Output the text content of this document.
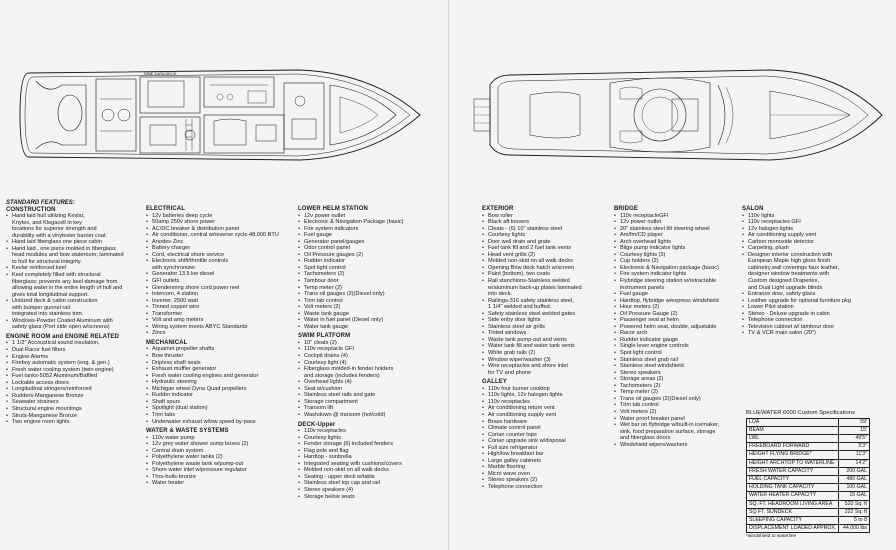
SINE DATA DECK
STANDARD FEATURES:
CONSTRUCTION
• Hand laid hull utilizing Kevlar,
Knytex, and Klegacell in key
locations for superior strength and
durability with a vinylester barrier coat.
• Hand laid fiberglass one piece cabin
• Hand laid , one piece molded in fiberglass
head modules and bow stateroom; laminated
to hull for structural integrity.
• Kevlar reinforced keel
• Keel completely filled with structural
fiberglass; prevents any keel damage from
allowing water in the entire length of hull and
gives total longitudinal support.
• Unitized deck & cabin construction
with bumper gunnel rail
integrated into stainless trim.
• Windows-Powder Coated Aluminum with
safety glass (Port side open w/screens)
ENGINE ROOM and ENGINE RELATED
• 1 1/2" Accoustical sound insulation,
• Dual Racor fuel filters
• Engine Alarms
• Fireboy automatic system (eng. & gen.)
• Fresh water cooling system (twin engine)
• Fuel tanks-5052 Aluminum/Baffled
• Lockable access doors
• Longitudinal stringers/reinforced
• Rudders-Manganese Bronze
• Seawater strainers
• Structural engine mountings
• Struts-Manganese Bronze
• Two engine room lights
ELECTRICAL
• 12v batteries deep cycle
• 50amp 250v shore power
• AC/DC breaker & distribution panel
• Air conditioner, central w/reverse cycle 48,000 BTU
• Anodes-Zinc
• Battery charger
• Cord, electrical shore service
• Electronic shift/throttle controls
with synchronizer
• Generator 13.5 kw diesel
• GFI outlets
• Glendenning shore cord power reel
• Intercom, 4 station
• Inverter, 2500 watt
• Tinned copper wire
• Transformer
• Volt and amp meters
• Wiring system meets ABYC Standards
• Zincs
MECHANICAL
• Aquamet propeller shafts
• Bow thruster
• Dripless shaft seals
• Exhaust muffler generator
• Fresh water cooling engines and generator
• Hydraulic steering
• Michigan wheel Dyna Quad propellers
• Rudder indicator
• Shaft spurs
• Spotlight (dual station)
• Trim tabs
• Underwater exhaust w/low speed by-pass
WATER & WASTE SYSTEMS
• 110v water pump
• 12v grey water shower sump boxes (2)
• Central drain system
• Polyethylene water tanks (2)
• Polyethylene waste tank w/pump-out
• Shore water inlet w/pressure regulator
• Thru-hulls-bronze
• Water heater
LOWER HELM STATION
• 12v power outlet
• Electronic & Navigation Package (basic)
• Fire system indicators
• Fuel gauge
• Generator panel/gauges
• Odor control panel
• Oil Pressure gauges (2)
• Rudder indicator
• Spot light control
• Tachometers (2)
• Tambour door
• Temp meter (2)
• Trans oil gauges (2)(Diesel only)
• Trim tab control
• Volt meters (2)
• Waste tank gauge
• Water in fuel panel (Diesel only)
• Water tank gauge
SWIM PLATFORM
• 10" cleats (2)
• 110v receptacle GFI
• Cockpit drains (4)
• Courtesy light (4)
• Fiberglass molded-in fender holders
and storage (includes fenders)
• Overhead lights (4)
• Seat w/cushion
• Stainless steel rails and gate
• Storage compartment
• Transom lift
• Washdown @ transom (hot/cold)
DECK-Upper
• 110v receptacles
• Courtesy lights
• Fender storage (6) included fenders
• Flag pole and flag
• Hardtop - sunbrella
• Integrated seating with cushions/covers
• Molded non-skid on all walk decks
• Seating - upper deck w/table
• Stainless steel top cap and rail
• Stereo speakers (4)
• Storage below seats
EXTERIOR
• Bow roller
• Black aft louvers
• Cleats - (6) 10" stainless steel
• Courtesy lights
• Door well drain and grate
• Fuel tank fill and 2 fuel tank vents
• Head vent grills (2)
• Molded non-skid on all walk decks
• Opening Bow deck hatch w/screen
• Paint (bottom), two coats
• Rail stanchions-Stainless welded
w/aluminum back-up plates laminated
into deck.
• Railings-316 safety stainless steel,
1 1/4" welded and buffed.
• Safety stainless steel welded gates
• Side entry door lights
• Stainless steel air grills
• Tinted windows
• Waste tank pump-out and vents
• Water tank fill and water tank vents
• White grab rails (2)
• Window wiper/washer (3)
• Wire receptacles and shore inlet
for TV and phone
GALLEY
• 110v four burner cooktop
• 110v lights, 12v halogen lights
• 110v receptacles
• Air conditioning return vent
• Air conditioning supply vent
• Brass hardware
• Climate control panel
• Corian counter tops
• Corian upgrade sink w/disposal
• Full size refrigerator
• High/low breakfast bar
• Large galley cabinets
• Marble flooring
• Micro wave oven
• Stereo speakers (2)
• Telephone connection
BRIDGE
• 110v receptacleGFI
• 12v power outlet
• 20" stainless steel tilt steering wheel
• Am/fm/CD player
• Arch overhead lights
• Bilge pump indicator lights
• Courtesy lights (3)
• Cup holders (2)
• Electronic & Navigation package (basic)
• Fire system indicator lights
• Flybridge steering station w/retractable
instrument panels
• Fuel gauge
• Hardtop, flybridge w/express windshield
• Hour meters (2)
• Oil Pressure Gauge (2)
• Passenger seat at helm
• Powered helm seat, double, adjustable
• Racor arch
• Rudder indicator gauge
• Single lever engine controls
• Spot light control
• Stainless steel grab rail
• Stainless steel windshield
• Stereo speakers
• Storage areas (2)
• Tachometers (2)
• Temp meter (2)
• Trans oil gauges (2)(Diesel only)
• Trim tab control
• Volt meters (2)
• Water proof breaker panel
• Wet bar on flybridge w/built-in icemaker,
sink, food preparation surface, storage
and fiberglass doors
• Windshield wipers/washers
SALON
• 110v lights
• 110v receptacles GFI
• 12v halogen lights
• Air conditioning supply vent
• Carbon monoxide detector
• Carpeting, plush
• Designer interior construction with
European Maple high gloss finish
cabinetry,wall coverings faux leather,
designer window treatments with
Custom designed Draperies,
and Dual Light upgrade blinds
• Entrance door, safety glass
• Leather upgrade for optional furniture pkg
• Lower Pilot station
• Stereo - Deluxe upgrade in cabin
• Telephone connection
• Television cabinet w/ tambour door
• TV & VCR main salon (20")
BLUEWATER 6000 Custom Specifications
LOA	59'
BEAM	15'
LWL	49'5"
FREEBOARD FORWARD	5'3"
HEIGHT FLYING BRIDGE*	11'3"
HEIGHT ARCHTOP TO WATERLINE	14'2"
FRESH WATER CAPACITY	200 GAL
FUEL CAPACITY	480 GAL
HOLDING TANK CAPACITY	100 GAL
WATER HEATER CAPACITY	15 GAL
SQ. FT. HEADROOM LIVING AREA	520 Sq. ft
SQ FT. SUNDECK	222 Sq. ft
SLEEPING CAPACITY	5 to 8
DISPLACEMENT LOADED APPROX.	44,000 lbs
*windshield to waterline
